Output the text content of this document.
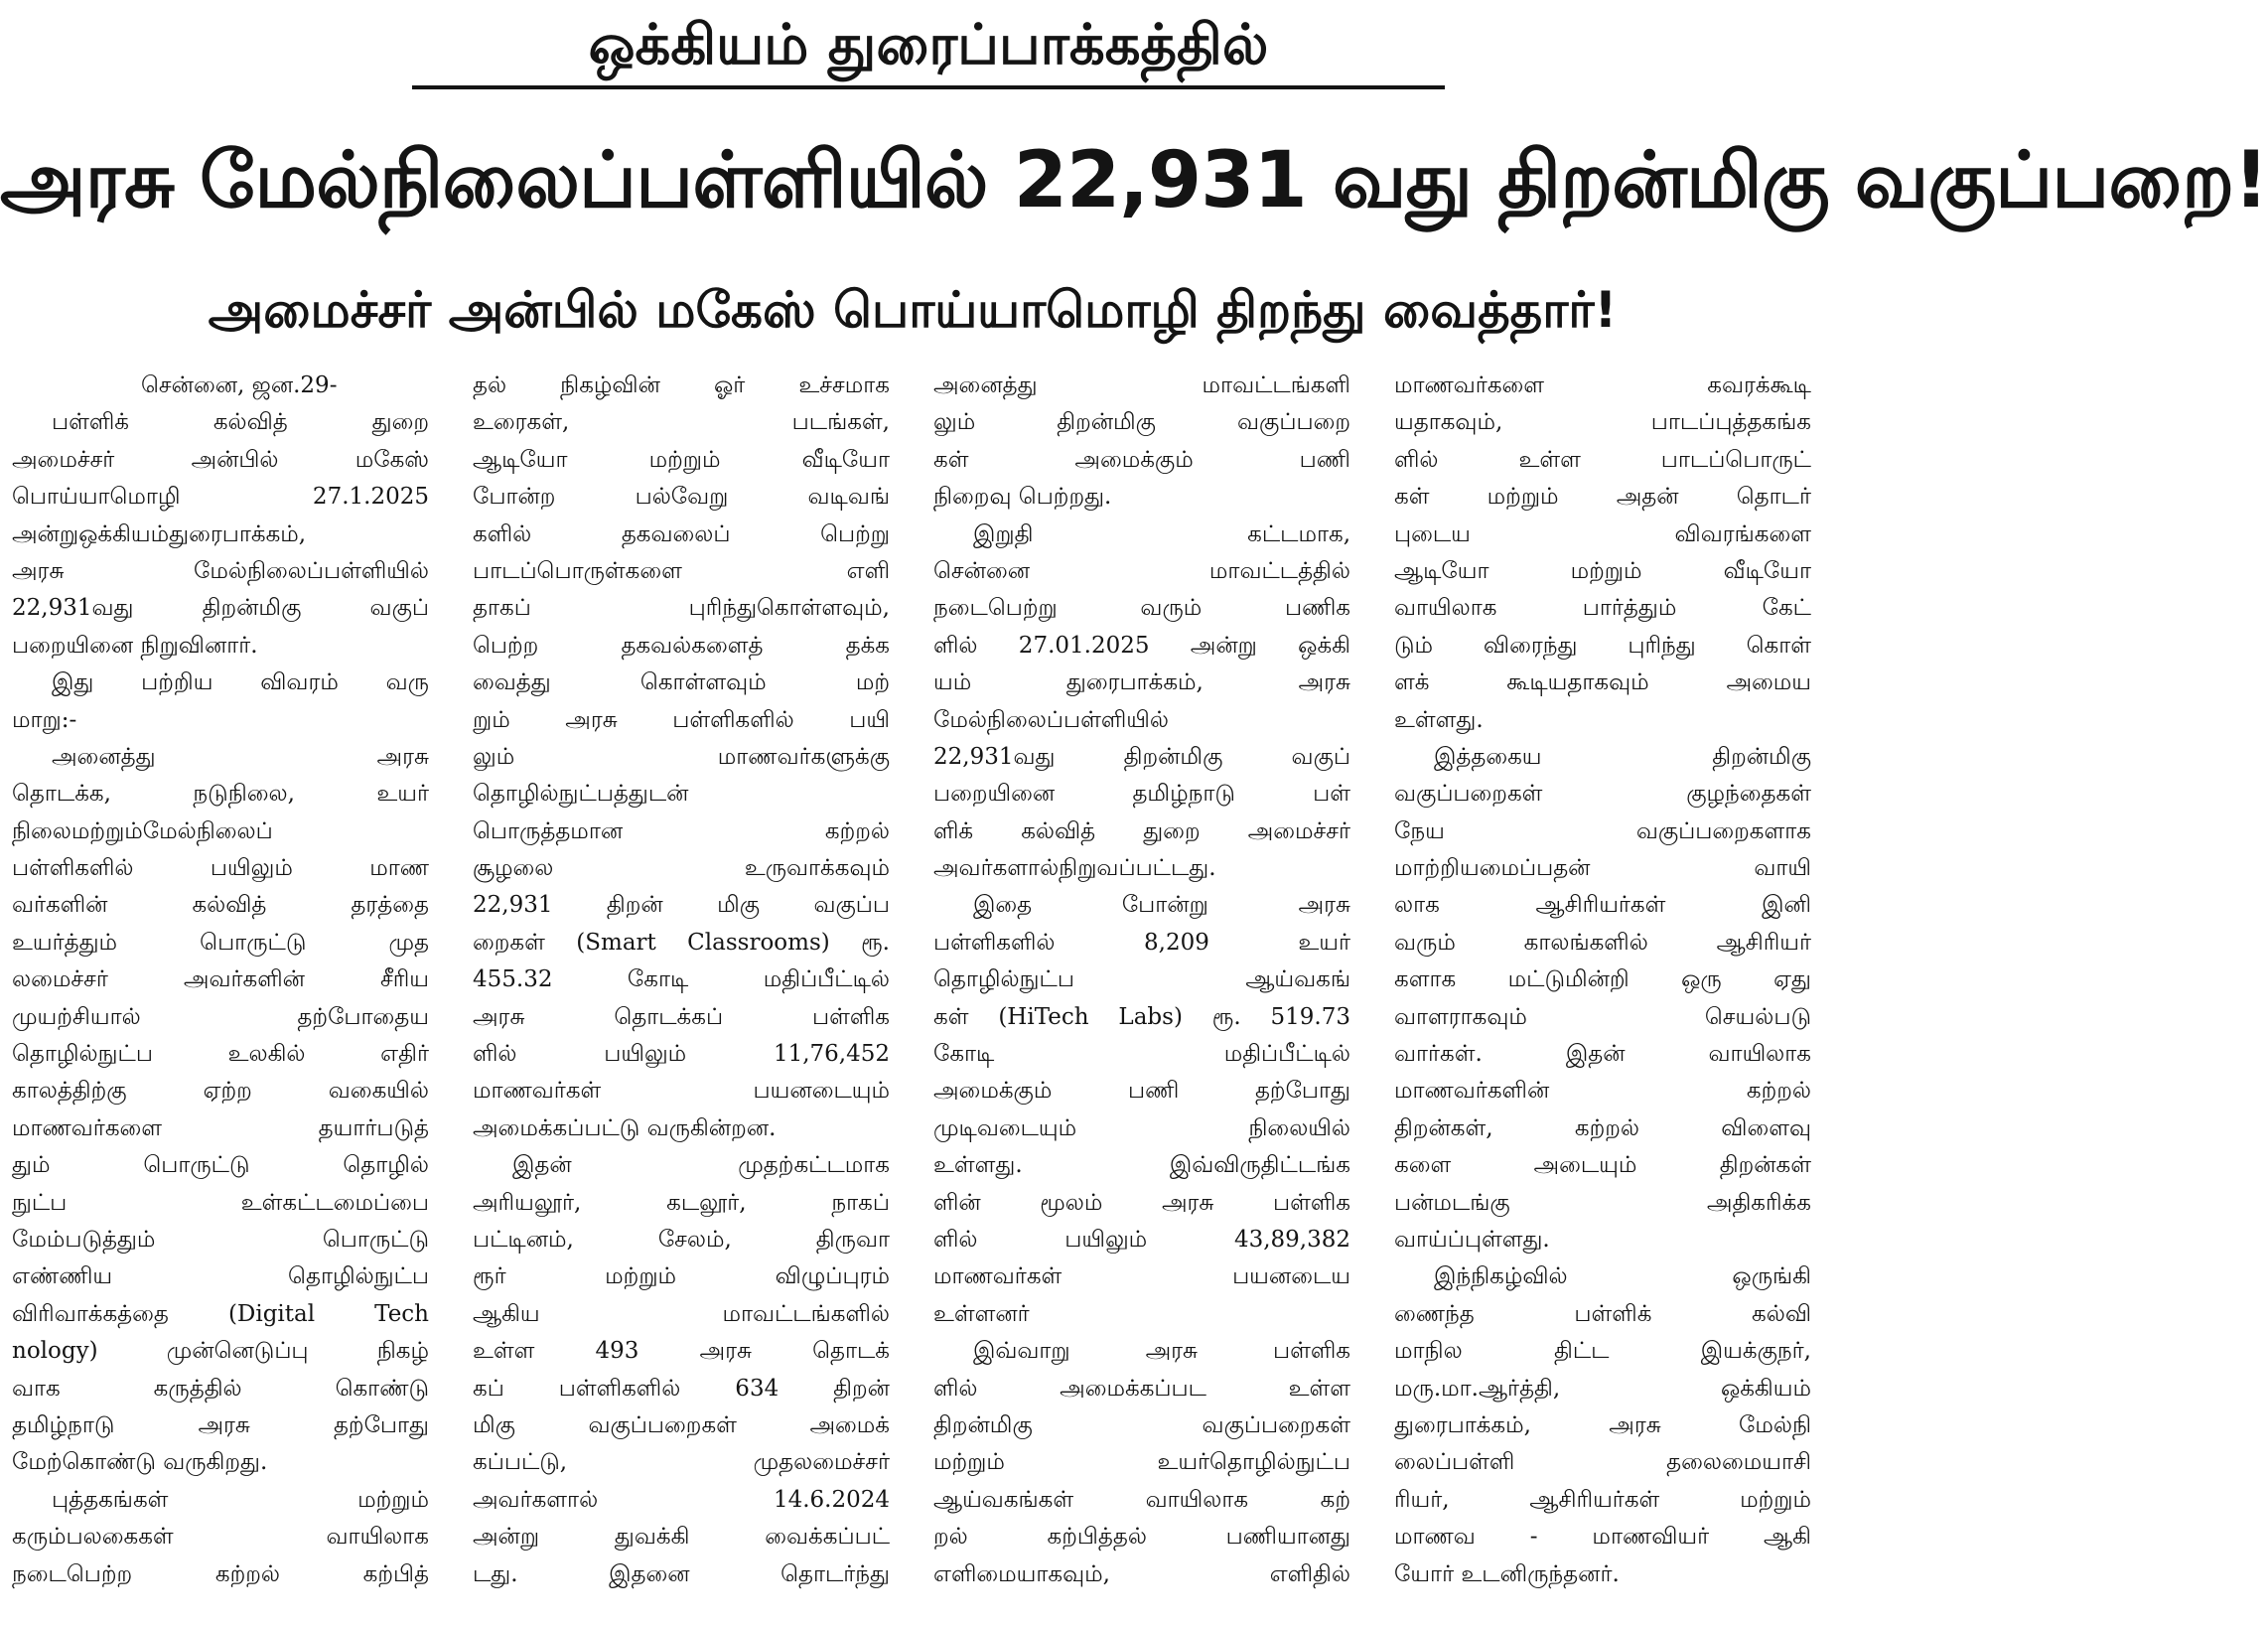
ஒக்கியம் துரைப்பாக்கத்தில்
அரசு மேல்நிலைப்பள்ளியில் 22,931 வது திறன்மிகு வகுப்பறை!
அமைச்சர் அன்பில் மகேஸ் பொய்யாமொழி திறந்து வைத்தார்!
சென்னை, ஜன.29-
பள்ளிக் கல்வித் துறை
அமைச்சர் அன்பில் மகேஸ்
பொய்யாமொழி 27.1.2025
அன்றுஒக்கியம்துரைபாக்கம்,
அரசு மேல்நிலைப்பள்ளியில்
22,931வது திறன்மிகு வகுப்
பறையினை நிறுவினார்.
இது பற்றிய விவரம் வரு
மாறு:-
அனைத்து அரசு
தொடக்க, நடுநிலை, உயர்
நிலைமற்றும்மேல்நிலைப்
பள்ளிகளில் பயிலும் மாண
வர்களின் கல்வித் தரத்தை
உயர்த்தும் பொருட்டு முத
லமைச்சர் அவர்களின் சீரிய
முயற்சியால் தற்போதைய
தொழில்நுட்ப உலகில் எதிர்
காலத்திற்கு ஏற்ற வகையில்
மாணவர்களை தயார்படுத்
தும் பொருட்டு தொழில்
நுட்ப உள்கட்டமைப்பை
மேம்படுத்தும் பொருட்டு
எண்ணிய தொழில்நுட்ப
விரிவாக்கத்தை (Digital Tech
nology) முன்னெடுப்பு நிகழ்
வாக கருத்தில் கொண்டு
தமிழ்நாடு அரசு தற்போது
மேற்கொண்டு வருகிறது.
புத்தகங்கள் மற்றும்
கரும்பலகைகள் வாயிலாக
நடைபெற்ற கற்றல் கற்பித்
தல் நிகழ்வின் ஓர் உச்சமாக
உரைகள், படங்கள்,
ஆடியோ மற்றும் வீடியோ
போன்ற பல்வேறு வடிவங்
களில் தகவலைப் பெற்று
பாடப்பொருள்களை எளி
தாகப் புரிந்துகொள்ளவும்,
பெற்ற தகவல்களைத் தக்க
வைத்து கொள்ளவும் மற்
றும் அரசு பள்ளிகளில் பயி
லும் மாணவர்களுக்கு
தொழில்நுட்பத்துடன்
பொருத்தமான கற்றல்
சூழலை உருவாக்கவும்
22,931 திறன் மிகு வகுப்ப
றைகள் (Smart Classrooms) ரூ.
455.32 கோடி மதிப்பீட்டில்
அரசு தொடக்கப் பள்ளிக
ளில் பயிலும் 11,76,452
மாணவர்கள் பயனடையும்
அமைக்கப்பட்டு வருகின்றன.
இதன் முதற்கட்டமாக
அரியலூர், கடலூர், நாகப்
பட்டினம், சேலம், திருவா
ரூர் மற்றும் விழுப்புரம்
ஆகிய மாவட்டங்களில்
உள்ள 493 அரசு தொடக்
கப் பள்ளிகளில் 634 திறன்
மிகு வகுப்பறைகள் அமைக்
கப்பட்டு, முதலமைச்சர்
அவர்களால் 14.6.2024
அன்று துவக்கி வைக்கப்பட்
டது. இதனை தொடர்ந்து
அனைத்து மாவட்டங்களி
லும் திறன்மிகு வகுப்பறை
கள் அமைக்கும் பணி
நிறைவு பெற்றது.
இறுதி கட்டமாக,
சென்னை மாவட்டத்தில்
நடைபெற்று வரும் பணிக
ளில் 27.01.2025 அன்று ஒக்கி
யம் துரைபாக்கம், அரசு
மேல்நிலைப்பள்ளியில்
22,931வது திறன்மிகு வகுப்
பறையினை தமிழ்நாடு பள்
ளிக் கல்வித் துறை அமைச்சர்
அவர்களால்நிறுவப்பட்டது.
இதை போன்று அரசு
பள்ளிகளில் 8,209 உயர்
தொழில்நுட்ப ஆய்வகங்
கள் (HiTech Labs) ரூ. 519.73
கோடி மதிப்பீட்டில்
அமைக்கும் பணி தற்போது
முடிவடையும் நிலையில்
உள்ளது. இவ்விருதிட்டங்க
ளின் மூலம் அரசு பள்ளிக
ளில் பயிலும் 43,89,382
மாணவர்கள் பயனடைய
உள்ளனர்
இவ்வாறு அரசு பள்ளிக
ளில் அமைக்கப்பட உள்ள
திறன்மிகு வகுப்பறைகள்
மற்றும் உயர்தொழில்நுட்ப
ஆய்வகங்கள் வாயிலாக கற்
றல் கற்பித்தல் பணியானது
எளிமையாகவும், எளிதில்
மாணவர்களை கவரக்கூடி
யதாகவும், பாடப்புத்தகங்க
ளில் உள்ள பாடப்பொருட்
கள் மற்றும் அதன் தொடர்
புடைய விவரங்களை
ஆடியோ மற்றும் வீடியோ
வாயிலாக பார்த்தும் கேட்
டும் விரைந்து புரிந்து கொள்
ளக் கூடியதாகவும் அமைய
உள்ளது.
இத்தகைய திறன்மிகு
வகுப்பறைகள் குழந்தைகள்
நேய வகுப்பறைகளாக
மாற்றியமைப்பதன் வாயி
லாக ஆசிரியர்கள் இனி
வரும் காலங்களில் ஆசிரியர்
களாக மட்டுமின்றி ஒரு ஏது
வாளராகவும் செயல்படு
வார்கள். இதன் வாயிலாக
மாணவர்களின் கற்றல்
திறன்கள், கற்றல் விளைவு
களை அடையும் திறன்கள்
பன்மடங்கு அதிகரிக்க
வாய்ப்புள்ளது.
இந்நிகழ்வில் ஒருங்கி
ணைந்த பள்ளிக் கல்வி
மாநில திட்ட இயக்குநர்,
மரு.மா.ஆர்த்தி, ஒக்கியம்
துரைபாக்கம், அரசு மேல்நி
லைப்பள்ளி தலைமையாசி
ரியர், ஆசிரியர்கள் மற்றும்
மாணவ - மாணவியர் ஆகி
யோர் உடனிருந்தனர்.
